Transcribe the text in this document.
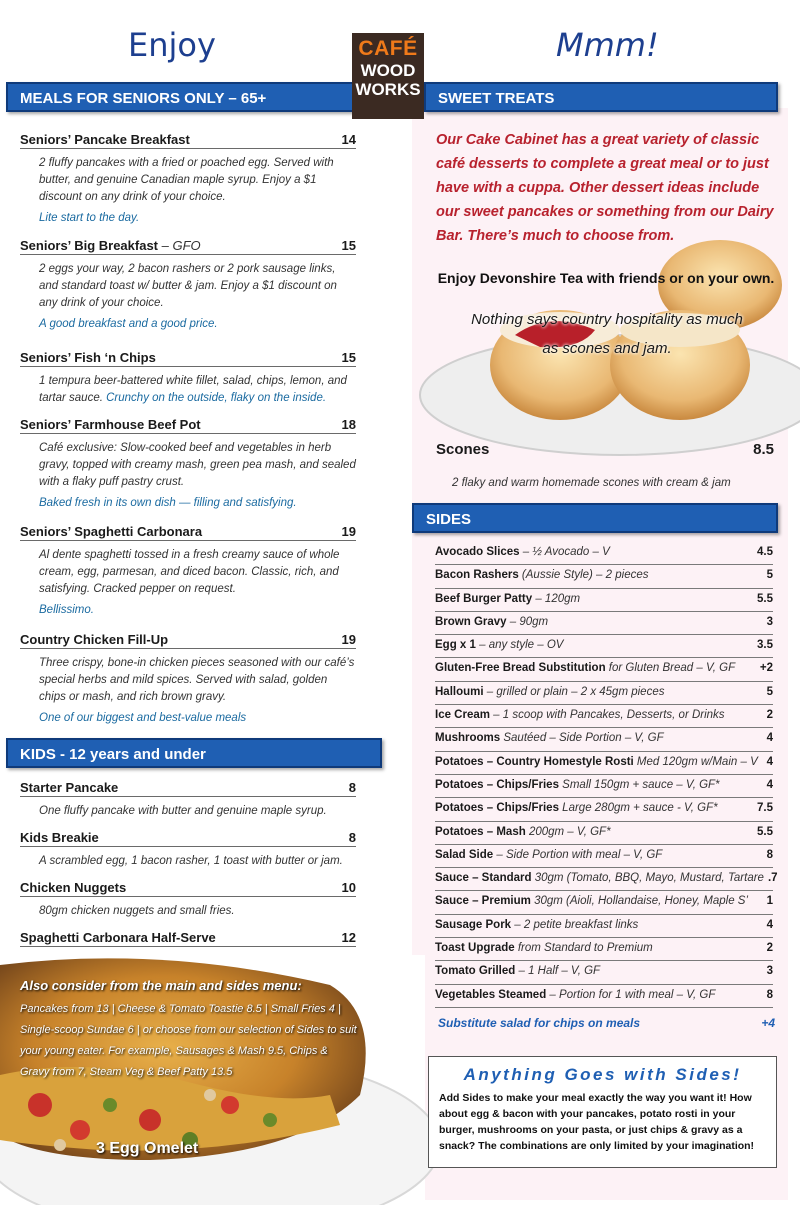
Enjoy	Mmm!
CAFÉ
WOOD
WORKS
MEALS FOR SENIORS ONLY – 65+	SWEET TREATS
KIDS - 12 years and under
SIDES
Seniors’ Pancake Breakfast	14
2 fluffy pancakes with a fried or poached egg. Served with butter, and genuine Canadian maple syrup. Enjoy a $1 discount on any drink of your choice.
Lite start to the day.
Seniors’ Big Breakfast – GFO	15
2 eggs your way, 2 bacon rashers or 2 pork sausage links, and standard toast w/ butter & jam. Enjoy a $1 discount on any drink of your choice.
A good breakfast and a good price.
Seniors’ Fish ‘n Chips	15
1 tempura beer-battered white fillet, salad, chips, lemon, and tartar sauce. Crunchy on the outside, flaky on the inside.
Seniors’ Farmhouse Beef Pot	18
Café exclusive: Slow-cooked beef and vegetables in herb gravy, topped with creamy mash, green pea mash, and sealed with a flaky puff pastry crust.
Baked fresh in its own dish — filling and satisfying.
Seniors’ Spaghetti Carbonara	19
Al dente spaghetti tossed in a fresh creamy sauce of whole cream, egg, parmesan, and diced bacon. Classic, rich, and satisfying. Cracked pepper on request.
Bellissimo.
Country Chicken Fill-Up	19
Three crispy, bone-in chicken pieces seasoned with our café’s special herbs and mild spices. Served with salad, golden chips or mash, and rich brown gravy.
One of our biggest and best-value meals
Starter Pancake	8
One fluffy pancake with butter and genuine maple syrup.
Kids Breakie	8
A scrambled egg, 1 bacon rasher, 1 toast with butter or jam.
Chicken Nuggets	10
80gm chicken nuggets and small fries.
Spaghetti Carbonara Half-Serve	12
Also consider from the main and sides menu:
Pancakes from 13 | Cheese & Tomato Toastie 8.5 | Small Fries 4 | Single-scoop Sundae 6 | or choose from our selection of Sides to suit your young eater. For example, Sausages & Mash 9.5, Chips & Gravy from 7, Steam Veg & Beef Patty 13.5
3 Egg Omelet
Our Cake Cabinet has a great variety of classic café desserts to complete a great meal or to just have with a cuppa. Other dessert ideas include our sweet pancakes or something from our Dairy Bar. There’s much to choose from.
Enjoy Devonshire Tea with friends or on your own.
Nothing says country hospitality as much as scones and jam.
Scones	8.5
2 flaky and warm homemade scones with cream & jam
Avocado Slices – ½ Avocado – V	4.5
Bacon Rashers (Aussie Style) – 2 pieces	5
Beef Burger Patty – 120gm	5.5
Brown Gravy – 90gm	3
Egg x 1 – any style – OV	3.5
Gluten-Free Bread Substitution for Gluten Bread – V, GF	+2
Halloumi – grilled or plain – 2 x 45gm pieces	5
Ice Cream – 1 scoop with Pancakes, Desserts, or Drinks	2
Mushrooms Sautéed – Side Portion – V, GF	4
Potatoes – Country Homestyle Rosti Med 120gm w/Main – V 4
Potatoes – Chips/Fries Small 150gm + sauce – V, GF*	4
Potatoes – Chips/Fries Large 280gm + sauce - V, GF*	7.5
Potatoes – Mash 200gm – V, GF*	5.5
Salad Side – Side Portion with meal – V, GF	8
Sauce – Standard 30gm (Tomato, BBQ, Mayo, Mustard, Tartare .7
Sauce – Premium 30gm (Aioli, Hollandaise, Honey, Maple S’	1
Sausage Pork – 2 petite breakfast links	4
Toast Upgrade from Standard to Premium	2
Tomato Grilled – 1 Half – V, GF	3
Vegetables Steamed – Portion for 1 with meal – V, GF	8
Substitute salad for chips on meals	+4
Anything Goes with Sides!
Add Sides to make your meal exactly the way you want it! How about egg & bacon with your pancakes, potato rosti in your burger, mushrooms on your pasta, or just chips & gravy as a snack? The combinations are only limited by your imagination!
